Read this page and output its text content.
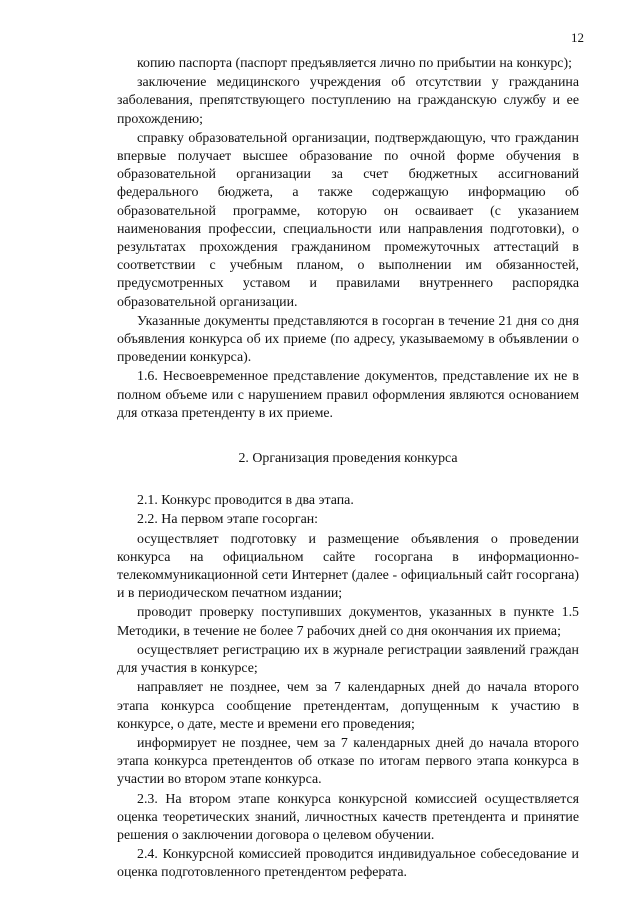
12

копию паспорта (паспорт предъявляется лично по прибытии на конкурс);

заключение медицинского учреждения об отсутствии у гражданина заболевания, препятствующего поступлению на гражданскую службу и ее прохождению;

справку образовательной организации, подтверждающую, что гражданин впервые получает высшее образование по очной форме обучения в образовательной организации за счет бюджетных ассигнований федерального бюджета, а также содержащую информацию об образовательной программе, которую он осваивает (с указанием наименования профессии, специальности или направления подготовки), о результатах прохождения гражданином промежуточных аттестаций в соответствии с учебным планом, о выполнении им обязанностей, предусмотренных уставом и правилами внутреннего распорядка образовательной организации.

Указанные документы представляются в госорган в течение 21 дня со дня объявления конкурса об их приеме (по адресу, указываемому в объявлении о проведении конкурса).

1.6. Несвоевременное представление документов, представление их не в полном объеме или с нарушением правил оформления являются основанием для отказа претенденту в их приеме.

2. Организация проведения конкурса

2.1. Конкурс проводится в два этапа.

2.2. На первом этапе госорган:

осуществляет подготовку и размещение объявления о проведении конкурса на официальном сайте госоргана в информационно-телекоммуникационной сети Интернет (далее - официальный сайт госоргана) и в периодическом печатном издании;

проводит проверку поступивших документов, указанных в пункте 1.5 Методики, в течение не более 7 рабочих дней со дня окончания их приема;

осуществляет регистрацию их в журнале регистрации заявлений граждан для участия в конкурсе;

направляет не позднее, чем за 7 календарных дней до начала второго этапа конкурса сообщение претендентам, допущенным к участию в конкурсе, о дате, месте и времени его проведения;

информирует не позднее, чем за 7 календарных дней до начала второго этапа конкурса претендентов об отказе по итогам первого этапа конкурса в участии во втором этапе конкурса.

2.3. На втором этапе конкурса конкурсной комиссией осуществляется оценка теоретических знаний, личностных качеств претендента и принятие решения о заключении договора о целевом обучении.

2.4. Конкурсной комиссией проводится индивидуальное собеседование и оценка подготовленного претендентом реферата.
